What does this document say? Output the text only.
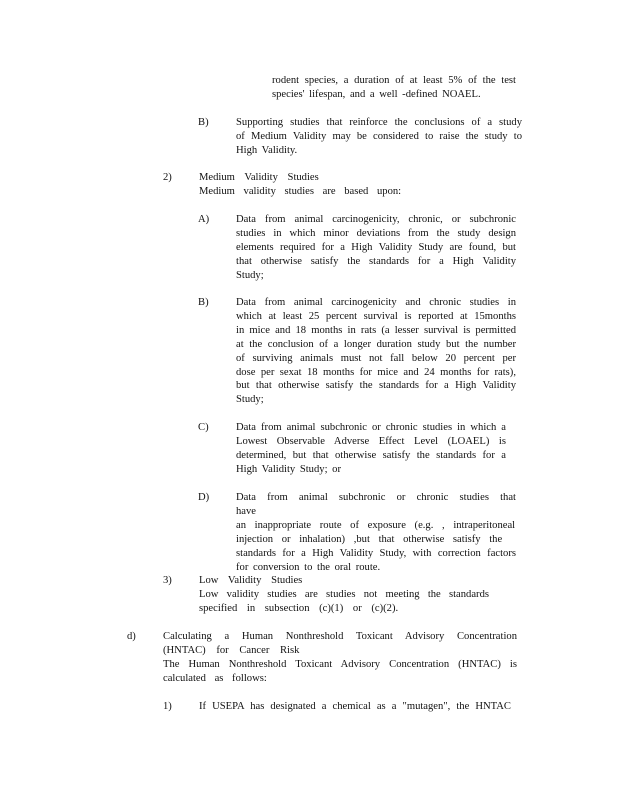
rodent species, a duration of at least 5% of the test
species' lifespan, and a well -defined NOAEL.
B)	Supporting studies that reinforce the conclusions of a study
of Medium Validity may be considered to raise the study to
High Validity.
2)	Medium Validity Studies
Medium validity studies are based upon:
A)	Data from animal carcinogenicity, chronic, or subchronic
studies in which minor deviations from the study design
elements required for a High Validity Study are found, but
that otherwise satisfy the standards for a High Validity
Study;
B)	Data from animal carcinogenicity and chronic studies in
which at least 25 percent survival is reported at 15months
in mice and 18 months in rats (a lesser survival is permitted
at the conclusion of a longer duration study but the number
of surviving animals must not fall below 20 percent per
dose per sexat 18 months for mice and 24 months for rats),
but that otherwise satisfy the standards for a High Validity
Study;
C)	Data from animal subchronic or chronic studies in which a
Lowest Observable Adverse Effect Level (LOAEL) is
determined, but that otherwise satisfy the standards for a
High Validity Study; or
D)	Data from animal subchronic or chronic studies that have
an inappropriate route of exposure (e.g. , intraperitoneal
injection or inhalation) ,but that otherwise satisfy the
standards for a High Validity Study, with correction factors
for conversion to the oral route.
3)	Low Validity Studies
Low validity studies are studies not meeting the standards
specified in subsection (c)(1) or (c)(2).
d)	Calculating a Human Nonthreshold Toxicant Advisory Concentration
(HNTAC) for Cancer Risk
The Human Nonthreshold Toxicant Advisory Concentration (HNTAC) is
calculated as follows:
1)	If USEPA has designated a chemical as a "mutagen", the HNTAC
